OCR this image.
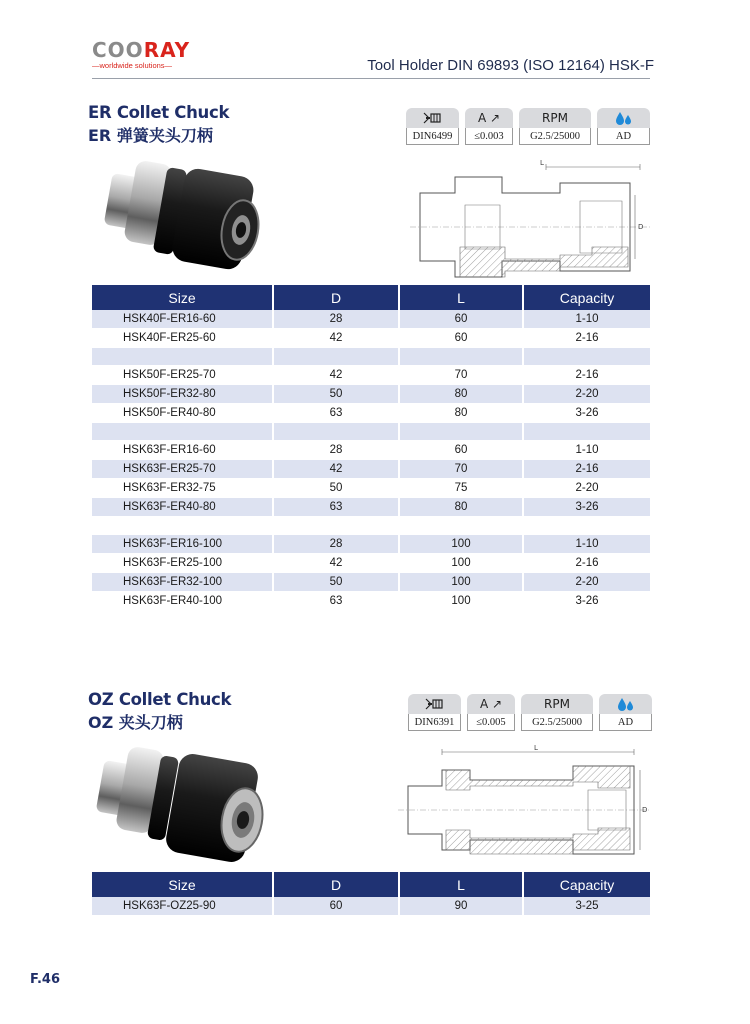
COORAY
—worldwide solutions—	Tool Holder DIN 69893 (ISO 12164) HSK-F
ER Collet Chuck
ER 弹簧夹头刀柄	DIN6499
A ↗
≤0.003
RPM
G2.5/25000	AD
L
D
Size	D	L	Capacity
HSK40F-ER16-60	28	60	1-10
HSK40F-ER25-60	42	60	2-16

HSK50F-ER25-70	42	70	2-16
HSK50F-ER32-80	50	80	2-20
HSK50F-ER40-80	63	80	3-26

HSK63F-ER16-60	28	60	1-10
HSK63F-ER25-70	42	70	2-16
HSK63F-ER32-75	50	75	2-20
HSK63F-ER40-80	63	80	3-26

HSK63F-ER16-100	28	100	1-10
HSK63F-ER25-100	42	100	2-16
HSK63F-ER32-100	50	100	2-20
HSK63F-ER40-100	63	100	3-26
OZ Collet Chuck
OZ 夹头刀柄	DIN6391
A ↗
≤0.005
RPM
G2.5/25000	AD
L
D
Size	D	L	Capacity
HSK63F-OZ25-90	60	90	3-25
F.46
